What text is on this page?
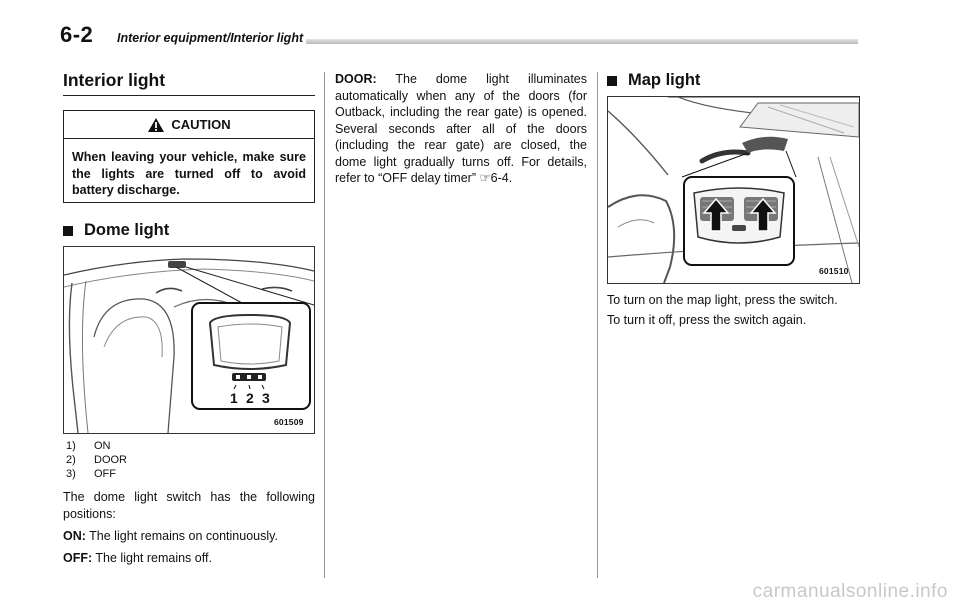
6-2 Interior equipment/Interior light
Interior light
CAUTION
When leaving your vehicle, make sure the lights are turned off to avoid battery discharge.
Dome light
1 2 3
601509
1)	ON
2)	DOOR
3)	OFF
The dome light switch has the following positions:
ON: The light remains on continuously.
OFF: The light remains off.
DOOR: The dome light illuminates automatically when any of the doors (for Outback, including the rear gate) is opened. Several seconds after all of the doors (including the rear gate) are closed, the dome light gradually turns off. For details, refer to “OFF delay timer” ☞6-4.
Map light
601510
To turn on the map light, press the switch.
To turn it off, press the switch again.
carmanualsonline.info
